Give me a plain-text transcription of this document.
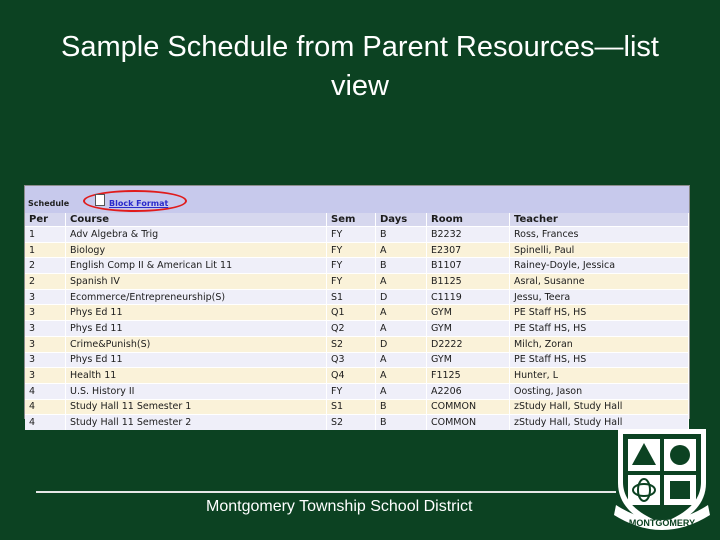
Sample Schedule from Parent Resources—list view
Schedule	Block Format
Per	Course	Sem	Days	Room	Teacher
1	Adv Algebra & Trig	FY	B	B2232	Ross, Frances
1	Biology	FY	A	E2307	Spinelli, Paul
2	English Comp II & American Lit 11	FY	B	B1107	Rainey-Doyle, Jessica
2	Spanish IV	FY	A	B1125	Asral, Susanne
3	Ecommerce/Entrepreneurship(S)	S1	D	C1119	Jessu, Teera
3	Phys Ed 11	Q1	A	GYM	PE Staff HS, HS
3	Phys Ed 11	Q2	A	GYM	PE Staff HS, HS
3	Crime&Punish(S)	S2	D	D2222	Milch, Zoran
3	Phys Ed 11	Q3	A	GYM	PE Staff HS, HS
3	Health 11	Q4	A	F1125	Hunter, L
4	U.S. History II	FY	A	A2206	Oosting, Jason
4	Study Hall 11 Semester 1	S1	B	COMMON	zStudy Hall, Study Hall
4	Study Hall 11 Semester 2	S2	B	COMMON	zStudy Hall, Study Hall
Montgomery Township School District
MONTGOMERY
